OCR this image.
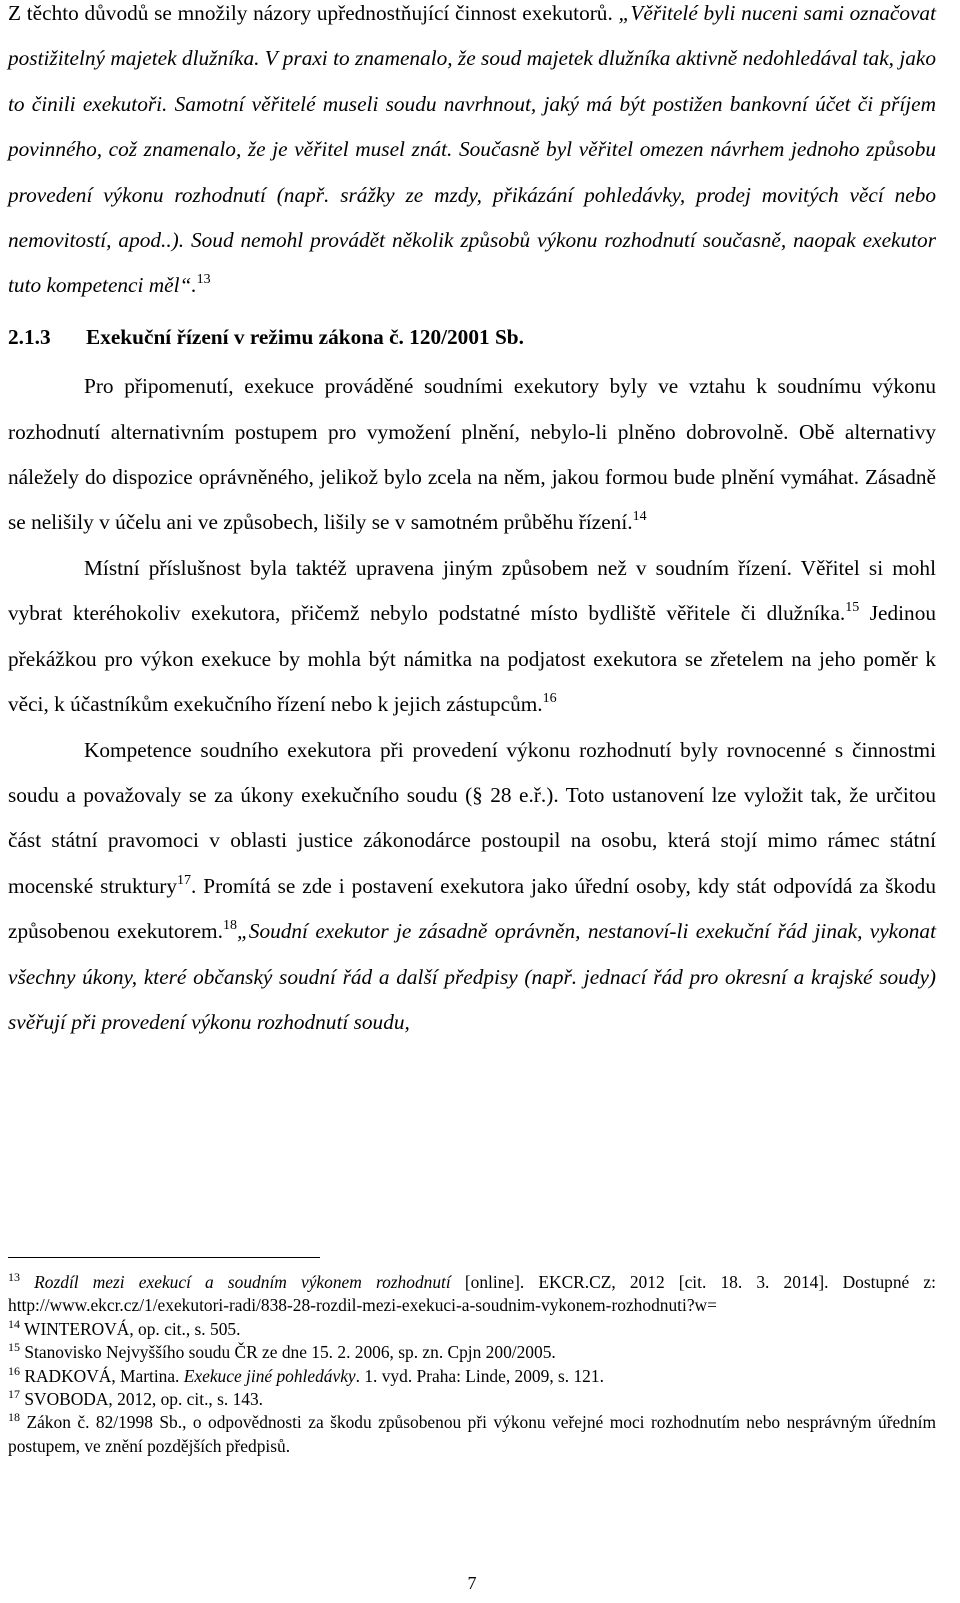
Z těchto důvodů se množily názory upřednostňující činnost exekutorů. „Věřitelé byli nuceni sami označovat postižitelný majetek dlužníka. V praxi to znamenalo, že soud majetek dlužníka aktivně nedohledával tak, jako to činili exekutoři. Samotní věřitelé museli soudu navrhnout, jaký má být postižen bankovní účet či příjem povinného, což znamenalo, že je věřitel musel znát. Současně byl věřitel omezen návrhem jednoho způsobu provedení výkonu rozhodnutí (např. srážky ze mzdy, přikázání pohledávky, prodej movitých věcí nebo nemovitostí, apod..). Soud nemohl provádět několik způsobů výkonu rozhodnutí současně, naopak exekutor tuto kompetenci měl“.$^{13}$

2.1.3 Exekuční řízení v režimu zákona č. 120/2001 Sb.

Pro připomenutí, exekuce prováděné soudními exekutory byly ve vztahu k soudnímu výkonu rozhodnutí alternativním postupem pro vymožení plnění, nebylo-li plněno dobrovolně. Obě alternativy náležely do dispozice oprávněného, jelikož bylo zcela na něm, jakou formou bude plnění vymáhat. Zásadně se nelišily v účelu ani ve způsobech, lišily se v samotném průběhu řízení.$^{14}$

Místní příslušnost byla taktéž upravena jiným způsobem než v soudním řízení. Věřitel si mohl vybrat kteréhokoliv exekutora, přičemž nebylo podstatné místo bydliště věřitele či dlužníka.$^{15}$ Jedinou překážkou pro výkon exekuce by mohla být námitka na podjatost exekutora se zřetelem na jeho poměr k věci, k účastníkům exekučního řízení nebo k jejich zástupcům.$^{16}$

Kompetence soudního exekutora při provedení výkonu rozhodnutí byly rovnocenné s činnostmi soudu a považovaly se za úkony exekučního soudu (§ 28 e.ř.). Toto ustanovení lze vyložit tak, že určitou část státní pravomoci v oblasti justice zákonodárce postoupil na osobu, která stojí mimo rámec státní mocenské struktury$^{17}$. Promítá se zde i postavení exekutora jako úřední osoby, kdy stát odpovídá za škodu způsobenou exekutorem.$^{18}$„Soudní exekutor je zásadně oprávněn, nestanoví-li exekuční řád jinak, vykonat všechny úkony, které občanský soudní řád a další předpisy (např. jednací řád pro okresní a krajské soudy) svěřují při provedení výkonu rozhodnutí soudu,

$^{13}$ Rozdíl mezi exekucí a soudním výkonem rozhodnutí [online]. EKCR.CZ, 2012 [cit. 18. 3. 2014]. Dostupné z: http://www.ekcr.cz/1/exekutori-radi/838-28-rozdil-mezi-exekuci-a-soudnim-vykonem-rozhodnuti?w=

$^{14}$ WINTEROVÁ, op. cit., s. 505.

$^{15}$ Stanovisko Nejvyššího soudu ČR ze dne 15. 2. 2006, sp. zn. Cpjn 200/2005.

$^{16}$ RADKOVÁ, Martina. Exekuce jiné pohledávky. 1. vyd. Praha: Linde, 2009, s. 121.

$^{17}$ SVOBODA, 2012, op. cit., s. 143.

$^{18}$ Zákon č. 82/1998 Sb., o odpovědnosti za škodu způsobenou při výkonu veřejné moci rozhodnutím nebo nesprávným úředním postupem, ve znění pozdějších předpisů.

7
